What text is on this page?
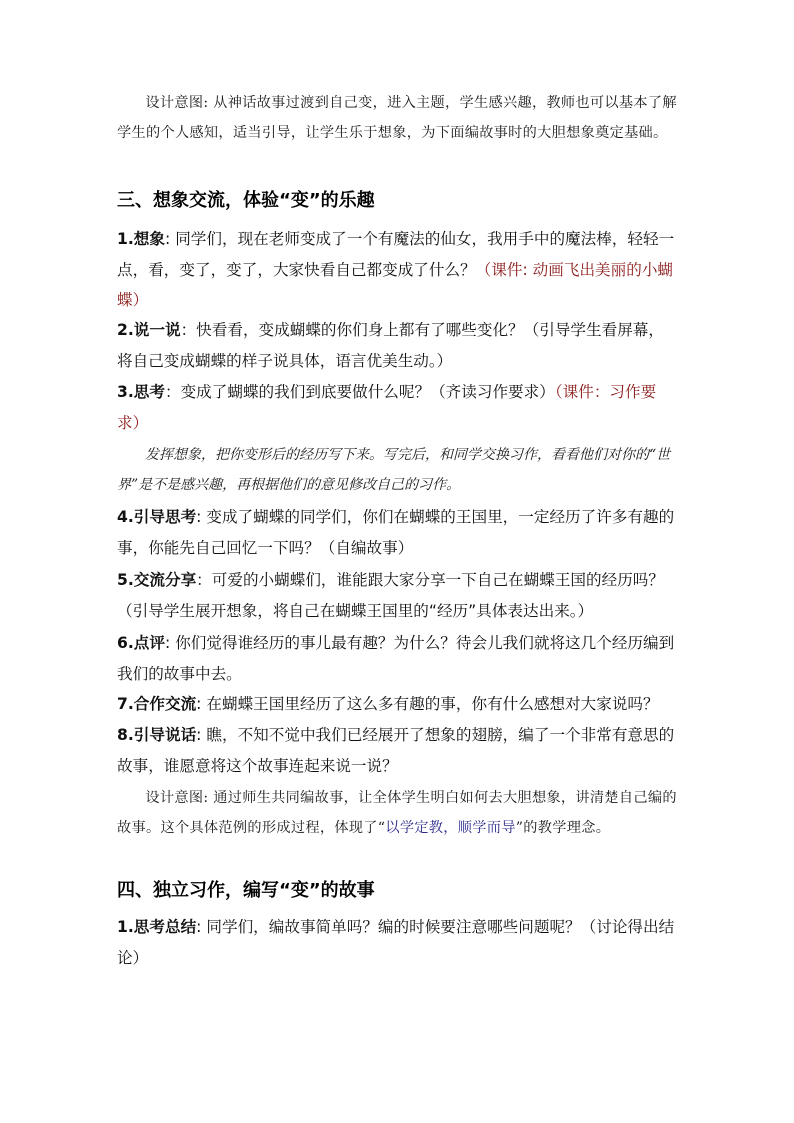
设计意图: 从神话故事过渡到自己变，进入主题，学生感兴趣，教师也可以基本了解学生的个人感知，适当引导，让学生乐于想象，为下面编故事时的大胆想象奠定基础。
三、想象交流，体验“变”的乐趣
1.想象: 同学们，现在老师变成了一个有魔法的仙女，我用手中的魔法棒，轻轻一点，看，变了，变了，大家快看自己都变成了什么？（课件: 动画飞出美丽的小蝴蝶）
2.说一说：快看看，变成蝴蝶的你们身上都有了哪些变化？（引导学生看屏幕，将自己变成蝴蝶的样子说具体，语言优美生动。）
3.思考：变成了蝴蝶的我们到底要做什么呢？（齐读习作要求）（课件：习作要求）
发挥想象，把你变形后的经历写下来。写完后，和同学交换习作，看看他们对你的“世界”是不是感兴趣，再根据他们的意见修改自己的习作。
4.引导思考: 变成了蝴蝶的同学们，你们在蝴蝶的王国里，一定经历了许多有趣的事，你能先自己回忆一下吗？（自编故事）
5.交流分享：可爱的小蝴蝶们，谁能跟大家分享一下自己在蝴蝶王国的经历吗？（引导学生展开想象，将自己在蝴蝶王国里的“经历”具体表达出来。）
6.点评: 你们觉得谁经历的事儿最有趣？为什么？待会儿我们就将这几个经历编到我们的故事中去。
7.合作交流: 在蝴蝶王国里经历了这么多有趣的事，你有什么感想对大家说吗？
8.引导说话: 瞧，不知不觉中我们已经展开了想象的翅膀，编了一个非常有意思的故事，谁愿意将这个故事连起来说一说？
设计意图: 通过师生共同编故事，让全体学生明白如何去大胆想象，讲清楚自己编的故事。这个具体范例的形成过程，体现了“以学定教，顺学而导”的教学理念。
四、独立习作，编写“变”的故事
1.思考总结: 同学们，编故事简单吗？编的时候要注意哪些问题呢？（讨论得出结论）
